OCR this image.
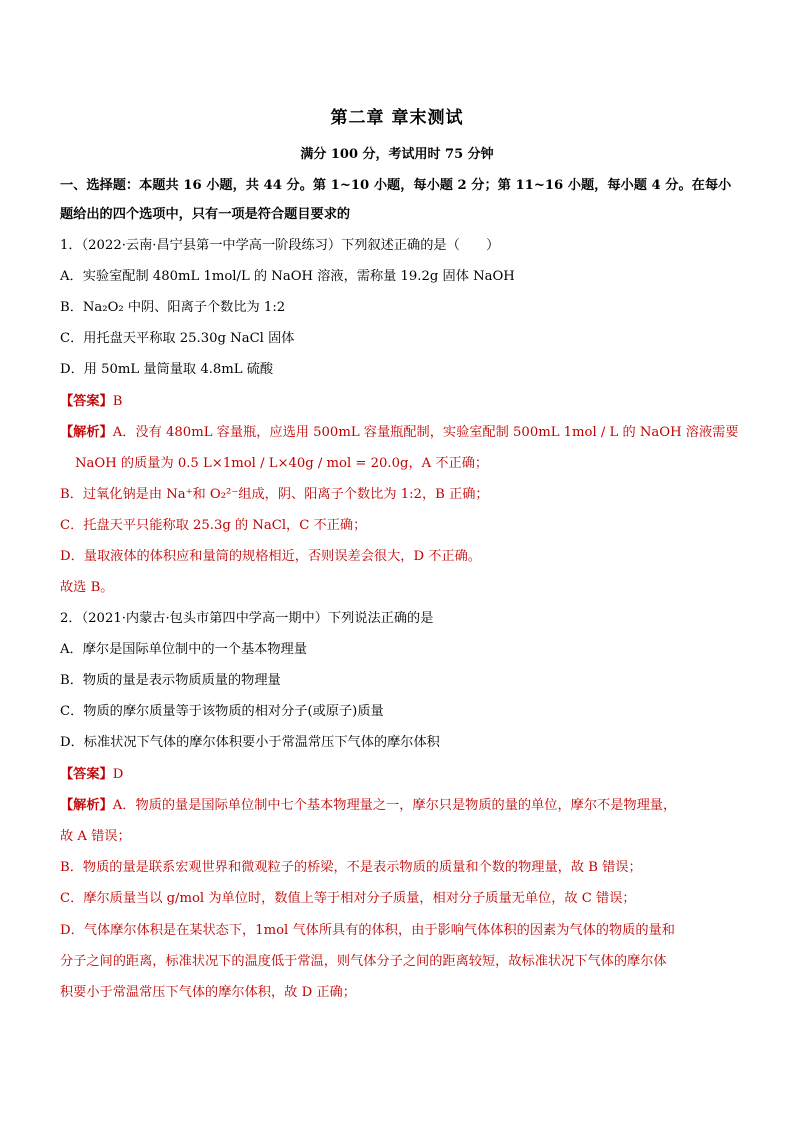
第二章 章末测试
满分 100 分，考试用时 75 分钟
一、选择题：本题共 16 小题，共 44 分。第 1~10 小题，每小题 2 分；第 11~16 小题，每小题 4 分。在每小
题给出的四个选项中，只有一项是符合题目要求的
1．（2022·云南·昌宁县第一中学高一阶段练习）下列叙述正确的是（　　）
A．实验室配制 480mL 1mol/L 的 NaOH 溶液，需称量 19.2g 固体 NaOH
B．Na₂O₂ 中阴、阳离子个数比为 1:2
C．用托盘天平称取 25.30g NaCl 固体
D．用 50mL 量筒量取 4.8mL 硫酸
【答案】B
【解析】A．没有 480mL 容量瓶，应选用 500mL 容量瓶配制，实验室配制 500mL 1mol / L 的 NaOH 溶液需要
NaOH 的质量为 0.5 L×1mol / L×40g / mol = 20.0g，A 不正确；
B．过氧化钠是由 Na⁺和 O₂²⁻组成，阴、阳离子个数比为 1:2，B 正确；
C．托盘天平只能称取 25.3g 的 NaCl，C 不正确；
D．量取液体的体积应和量筒的规格相近，否则误差会很大，D 不正确。
故选 B。
2．（2021·内蒙古·包头市第四中学高一期中）下列说法正确的是
A．摩尔是国际单位制中的一个基本物理量
B．物质的量是表示物质质量的物理量
C．物质的摩尔质量等于该物质的相对分子(或原子)质量
D．标准状况下气体的摩尔体积要小于常温常压下气体的摩尔体积
【答案】D
【解析】A．物质的量是国际单位制中七个基本物理量之一，摩尔只是物质的量的单位，摩尔不是物理量，
故 A 错误；
B．物质的量是联系宏观世界和微观粒子的桥梁，不是表示物质的质量和个数的物理量，故 B 错误；
C．摩尔质量当以 g/mol 为单位时，数值上等于相对分子质量，相对分子质量无单位，故 C 错误；
D．气体摩尔体积是在某状态下，1mol 气体所具有的体积，由于影响气体体积的因素为气体的物质的量和
分子之间的距离，标准状况下的温度低于常温，则气体分子之间的距离较短，故标准状况下气体的摩尔体
积要小于常温常压下气体的摩尔体积，故 D 正确；
